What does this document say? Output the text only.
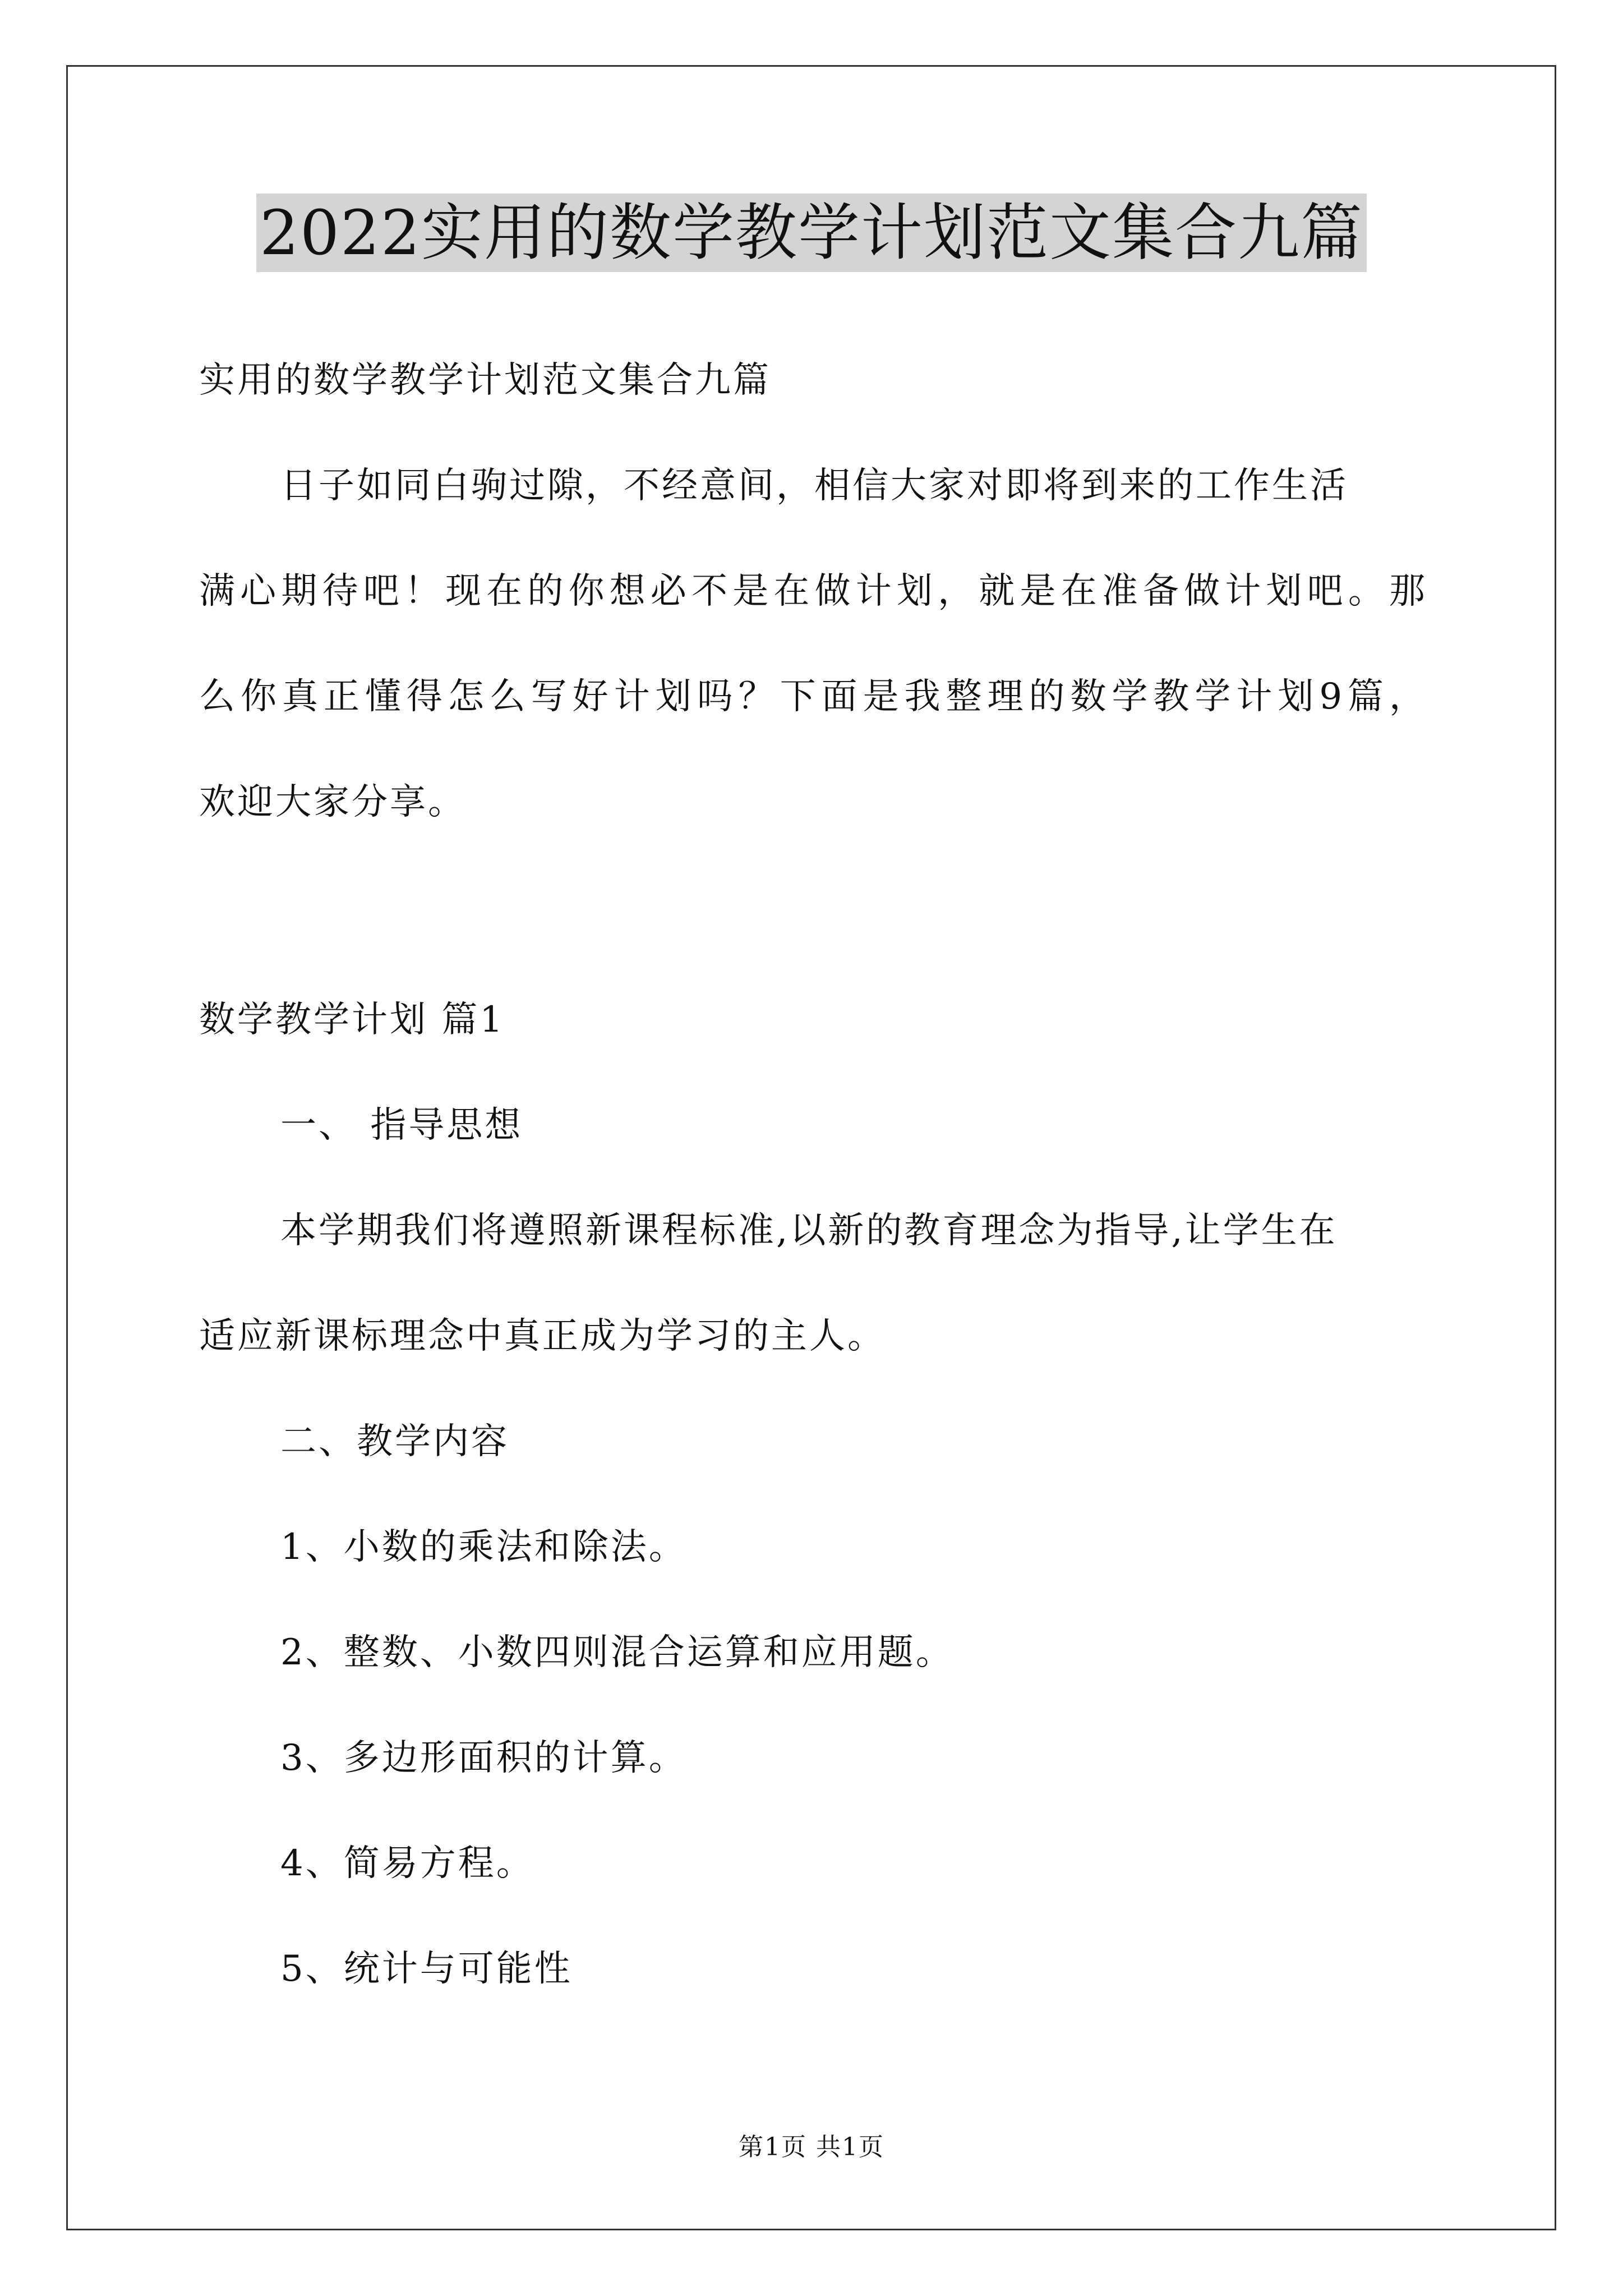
2022实用的数学教学计划范文集合九篇
实用的数学教学计划范文集合九篇
日子如同白驹过隙，不经意间，相信大家对即将到来的工作生活
满心期待吧！现在的你想必不是在做计划，就是在准备做计划吧。那
么你真正懂得怎么写好计划吗？下面是我整理的数学教学计划9篇，
欢迎大家分享。
数学教学计划 篇1
一、 指导思想
本学期我们将遵照新课程标准,以新的教育理念为指导,让学生在
适应新课标理念中真正成为学习的主人。
二、教学内容
1、小数的乘法和除法。
2、整数、小数四则混合运算和应用题。
3、多边形面积的计算。
4、简易方程。
5、统计与可能性
第1页 共1页
